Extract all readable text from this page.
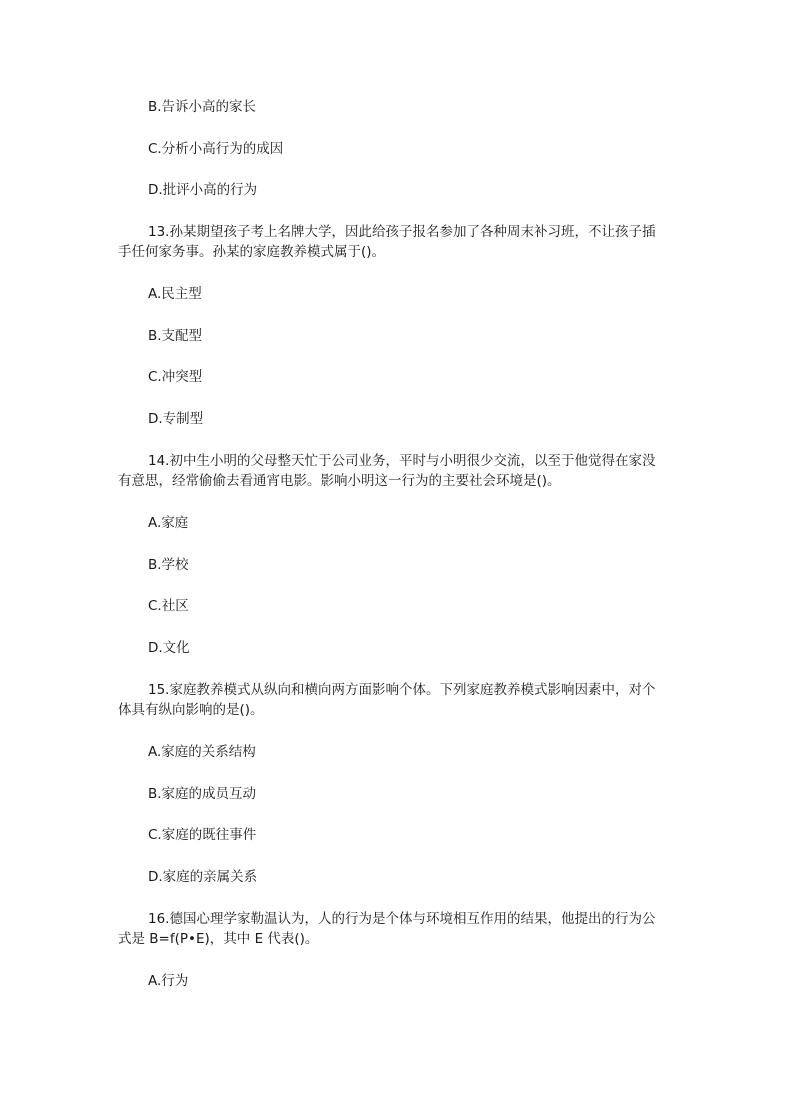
B.告诉小高的家长
C.分析小高行为的成因
D.批评小高的行为
13.孙某期望孩子考上名牌大学，因此给孩子报名参加了各种周末补习班，不让孩子插
手任何家务事。孙某的家庭教养模式属于()。
A.民主型
B.支配型
C.冲突型
D.专制型
14.初中生小明的父母整天忙于公司业务，平时与小明很少交流，以至于他觉得在家没
有意思，经常偷偷去看通宵电影。影响小明这一行为的主要社会环境是()。
A.家庭
B.学校
C.社区
D.文化
15.家庭教养模式从纵向和横向两方面影响个体。下列家庭教养模式影响因素中，对个
体具有纵向影响的是()。
A.家庭的关系结构
B.家庭的成员互动
C.家庭的既往事件
D.家庭的亲属关系
16.德国心理学家勒温认为，人的行为是个体与环境相互作用的结果，他提出的行为公
式是 B=f(P•E)，其中 E 代表()。
A.行为
